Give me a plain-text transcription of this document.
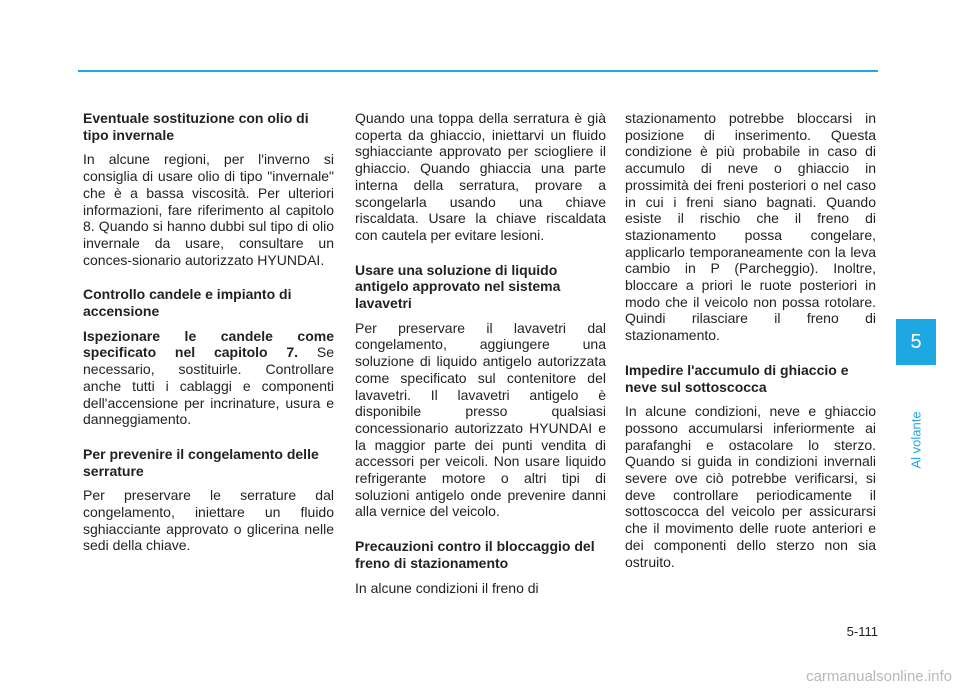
Eventuale sostituzione con olio di tipo invernale

In alcune regioni, per l'inverno si consiglia di usare olio di tipo "invernale" che è a bassa viscosità. Per ulteriori informazioni, fare riferimento al capitolo 8. Quando si hanno dubbi sul tipo di olio invernale da usare, consultare un conces-sionario autorizzato HYUNDAI.

Controllo candele e impianto di accensione

Ispezionare le candele come specificato nel capitolo 7. Se necessario, sostituirle. Controllare anche tutti i cablaggi e componenti dell'accensione per incrinature, usura e danneggiamento.

Per prevenire il congelamento delle serrature

Per preservare le serrature dal congelamento, iniettare un fluido sghiacciante approvato o glicerina nelle sedi della chiave.

Quando una toppa della serratura è già coperta da ghiaccio, iniettarvi un fluido sghiacciante approvato per sciogliere il ghiaccio. Quando ghiaccia una parte interna della serratura, provare a scongelarla usando una chiave riscaldata. Usare la chiave riscaldata con cautela per evitare lesioni.

Usare una soluzione di liquido antigelo approvato nel sistema lavavetri

Per preservare il lavavetri dal congelamento, aggiungere una soluzione di liquido antigelo autorizzata come specificato sul contenitore del lavavetri. Il lavavetri antigelo è disponibile presso qualsiasi concessionario autorizzato HYUNDAI e la maggior parte dei punti vendita di accessori per veicoli. Non usare liquido refrigerante motore o altri tipi di soluzioni antigelo onde prevenire danni alla vernice del veicolo.

Precauzioni contro il bloccaggio del freno di stazionamento

In alcune condizioni il freno di

stazionamento potrebbe bloccarsi in posizione di inserimento. Questa condizione è più probabile in caso di accumulo di neve o ghiaccio in prossimità dei freni posteriori o nel caso in cui i freni siano bagnati. Quando esiste il rischio che il freno di stazionamento possa congelare, applicarlo temporaneamente con la leva cambio in P (Parcheggio). Inoltre, bloccare a priori le ruote posteriori in modo che il veicolo non possa rotolare. Quindi rilasciare il freno di stazionamento.

Impedire l'accumulo di ghiaccio e neve sul sottoscocca

In alcune condizioni, neve e ghiaccio possono accumularsi inferiormente ai parafanghi e ostacolare lo sterzo. Quando si guida in condizioni invernali severe ove ciò potrebbe verificarsi, si deve controllare periodicamente il sottoscocca del veicolo per assicurarsi che il movimento delle ruote anteriori e dei componenti dello sterzo non sia ostruito.

5
Al volante
5-111
carmanualsonline.info
